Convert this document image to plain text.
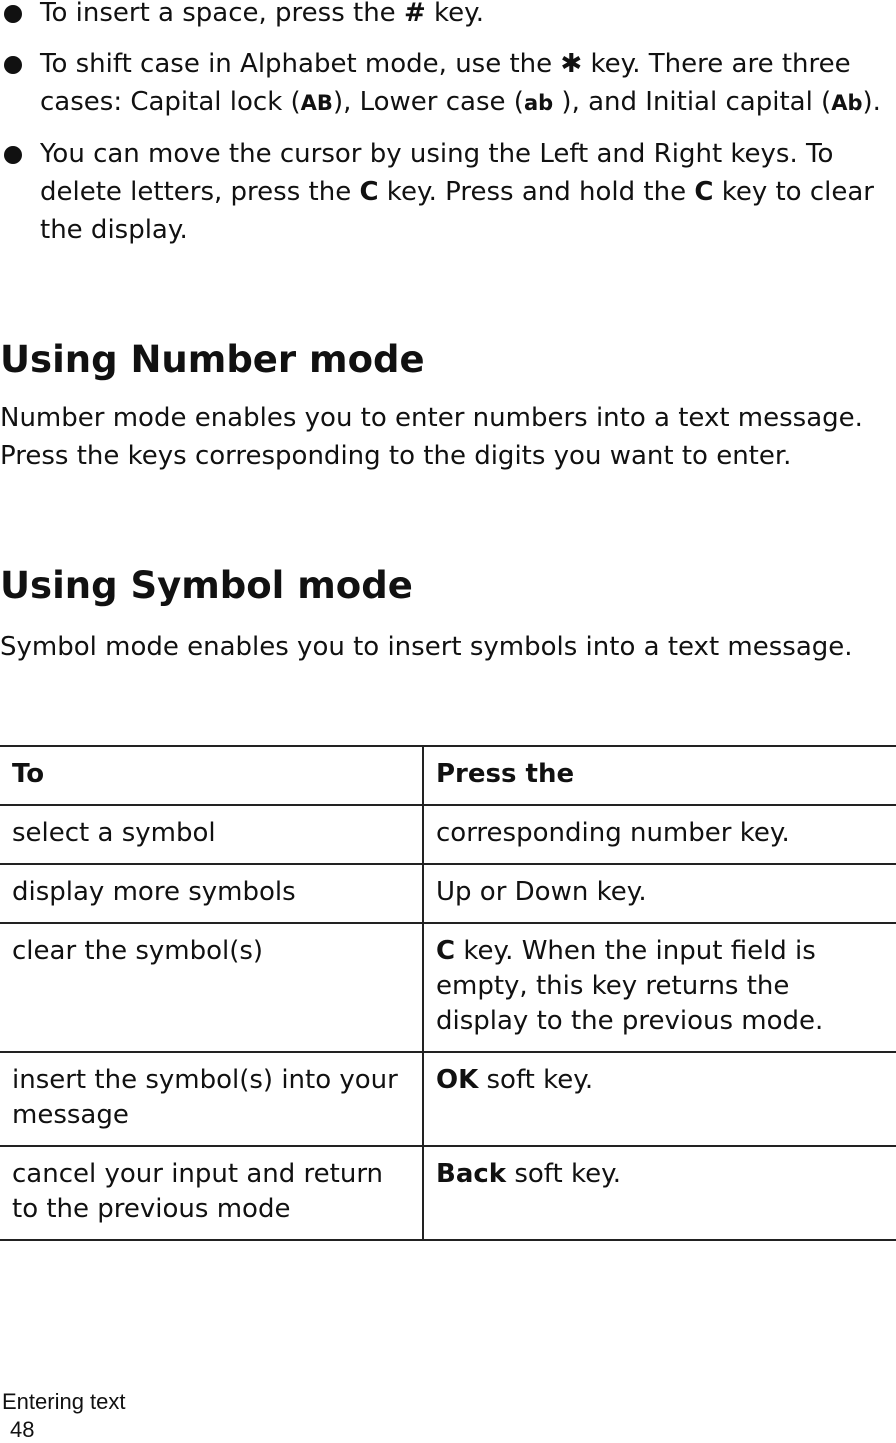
To insert a space, press the # key.
To shift case in Alphabet mode, use the ✱ key. There are three cases: Capital lock (AB), Lower case (ab ), and Initial capital (Ab).
You can move the cursor by using the Left and Right keys. To delete letters, press the C key. Press and hold the C key to clear the display.
Using Number mode

Number mode enables you to enter numbers into a text message. Press the keys corresponding to the digits you want to enter.

Using Symbol mode

Symbol mode enables you to insert symbols into a text message.

To	Press the
select a symbol	corresponding number key.
display more symbols	Up or Down key.
clear the symbol(s)	C key. When the input field is empty, this key returns the display to the previous mode.
insert the symbol(s) into your message	OK soft key.
cancel your input and return to the previous mode	Back soft key.
Entering text
48
